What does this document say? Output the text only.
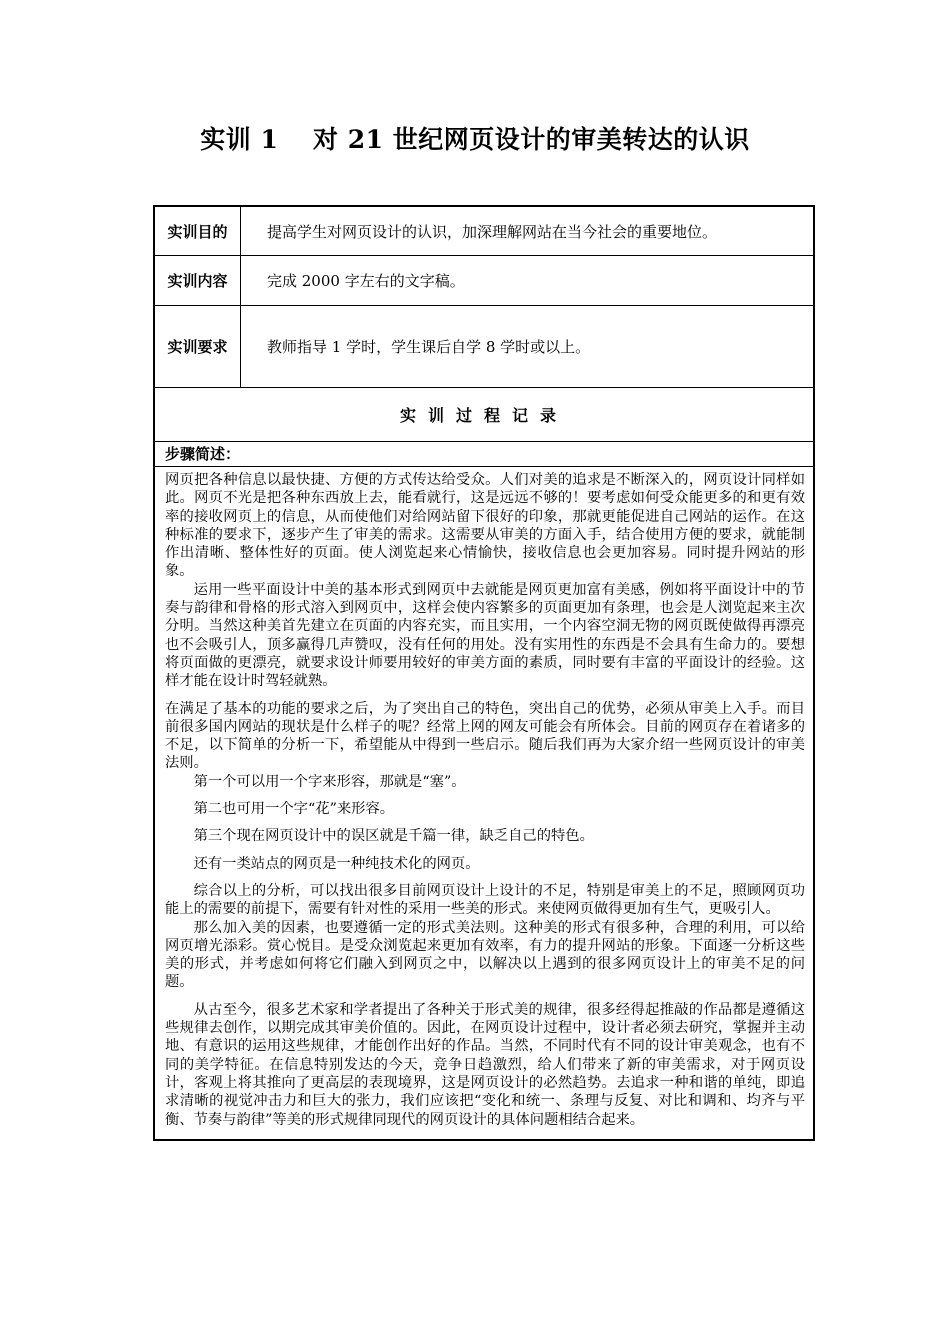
实训 1　 对 21 世纪网页设计的审美转达的认识
实训目的	提高学生对网页设计的认识，加深理解网站在当今社会的重要地位。
实训内容	完成 2000 字左右的文字稿。
实训要求	教师指导 1 学时，学生课后自学 8 学时或以上。
实训过程记录
步骤简述：

网页把各种信息以最快捷、方便的方式传达给受众。人们对美的追求是不断深入的，网页设计同样如此。网页不光是把各种东西放上去，能看就行，这是远远不够的！要考虑如何受众能更多的和更有效率的接收网页上的信息，从而使他们对给网站留下很好的印象，那就更能促进自己网站的运作。在这种标准的要求下，逐步产生了审美的需求。这需要从审美的方面入手，结合使用方便的要求，就能制作出清晰、整体性好的页面。使人浏览起来心情愉快，接收信息也会更加容易。同时提升网站的形象。

运用一些平面设计中美的基本形式到网页中去就能是网页更加富有美感，例如将平面设计中的节奏与韵律和骨格的形式溶入到网页中，这样会使内容繁多的页面更加有条理，也会是人浏览起来主次分明。当然这种美首先建立在页面的内容充实，而且实用，一个内容空洞无物的网页既使做得再漂亮也不会吸引人，顶多赢得几声赞叹，没有任何的用处。没有实用性的东西是不会具有生命力的。要想将页面做的更漂亮，就要求设计师要用较好的审美方面的素质，同时要有丰富的平面设计的经验。这样才能在设计时驾轻就熟。

在满足了基本的功能的要求之后，为了突出自己的特色，突出自己的优势，必须从审美上入手。而目前很多国内网站的现状是什么样子的呢？经常上网的网友可能会有所体会。目前的网页存在着诸多的不足，以下简单的分析一下，希望能从中得到一些启示。随后我们再为大家介绍一些网页设计的审美法则。

第一个可以用一个字来形容，那就是“塞”。

第二也可用一个字“花”来形容。

第三个现在网页设计中的误区就是千篇一律，缺乏自己的特色。

还有一类站点的网页是一种纯技术化的网页。

综合以上的分析，可以找出很多目前网页设计上设计的不足，特别是审美上的不足，照顾网页功能上的需要的前提下，需要有针对性的采用一些美的形式。来使网页做得更加有生气，更吸引人。

那么加入美的因素，也要遵循一定的形式美法则。这种美的形式有很多种，合理的利用，可以给网页增光添彩。赏心悦目。是受众浏览起来更加有效率，有力的提升网站的形象。下面逐一分析这些美的形式，并考虑如何将它们融入到网页之中，以解决以上遇到的很多网页设计上的审美不足的问题。

从古至今，很多艺术家和学者提出了各种关于形式美的规律，很多经得起推敲的作品都是遵循这些规律去创作，以期完成其审美价值的。因此，在网页设计过程中，设计者必须去研究，掌握并主动地、有意识的运用这些规律，才能创作出好的作品。当然，不同时代有不同的设计审美观念，也有不同的美学特征。在信息特别发达的今天，竞争日趋激烈，给人们带来了新的审美需求，对于网页设计，客观上将其推向了更高层的表现境界，这是网页设计的必然趋势。去追求一种和谐的单纯，即追求清晰的视觉冲击力和巨大的张力，我们应该把“变化和统一、条理与反复、对比和调和、均齐与平衡、节奏与韵律”等美的形式规律同现代的网页设计的具体问题相结合起来。
